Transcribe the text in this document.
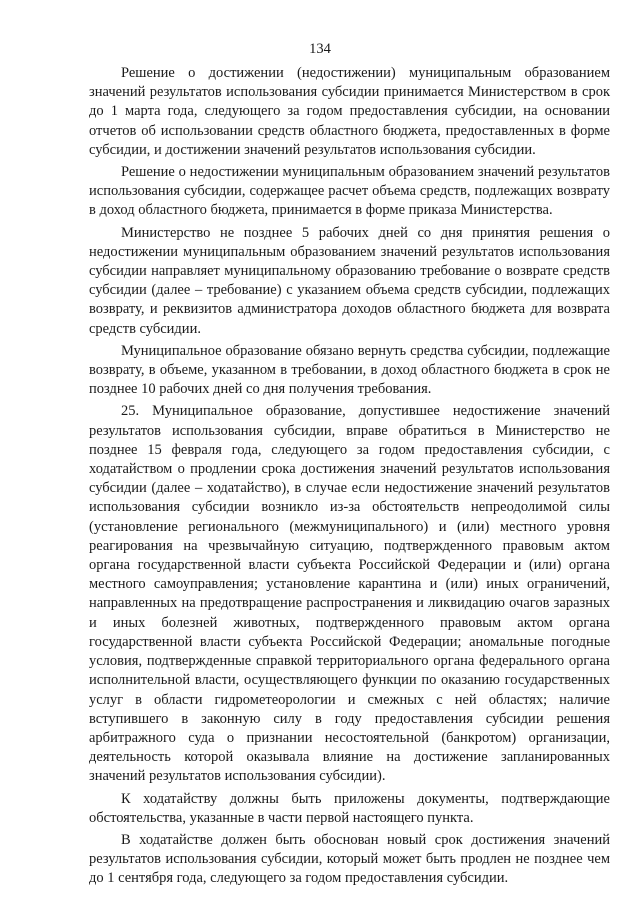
134

Решение о достижении (недостижении) муниципальным образованием значений результатов использования субсидии принимается Министерством в срок до 1 марта года, следующего за годом предоставления субсидии, на основании отчетов об использовании средств областного бюджета, предоставленных в форме субсидии, и достижении значений результатов использования субсидии.

Решение о недостижении муниципальным образованием значений результатов использования субсидии, содержащее расчет объема средств, подлежащих возврату в доход областного бюджета, принимается в форме приказа Министерства.

Министерство не позднее 5 рабочих дней со дня принятия решения о недостижении муниципальным образованием значений результатов использования субсидии направляет муниципальному образованию требование о возврате средств субсидии (далее – требование) с указанием объема средств субсидии, подлежащих возврату, и реквизитов администратора доходов областного бюджета для возврата средств субсидии.

Муниципальное образование обязано вернуть средства субсидии, подлежащие возврату, в объеме, указанном в требовании, в доход областного бюджета в срок не позднее 10 рабочих дней со дня получения требования.

25. Муниципальное образование, допустившее недостижение значений результатов использования субсидии, вправе обратиться в Министерство не позднее 15 февраля года, следующего за годом предоставления субсидии, с ходатайством о продлении срока достижения значений результатов использования субсидии (далее – ходатайство), в случае если недостижение значений результатов использования субсидии возникло из-за обстоятельств непреодолимой силы (установление регионального (межмуниципального) и (или) местного уровня реагирования на чрезвычайную ситуацию, подтвержденного правовым актом органа государственной власти субъекта Российской Федерации и (или) органа местного самоуправления; установление карантина и (или) иных ограничений, направленных на предотвращение распространения и ликвидацию очагов заразных и иных болезней животных, подтвержденного правовым актом органа государственной власти субъекта Российской Федерации; аномальные погодные условия, подтвержденные справкой территориального органа федерального органа исполнительной власти, осуществляющего функции по оказанию государственных услуг в области гидрометеорологии и смежных с ней областях; наличие вступившего в законную силу в году предоставления субсидии решения арбитражного суда о признании несостоятельной (банкротом) организации, деятельность которой оказывала влияние на достижение запланированных значений результатов использования субсидии).

К ходатайству должны быть приложены документы, подтверждающие обстоятельства, указанные в части первой настоящего пункта.

В ходатайстве должен быть обоснован новый срок достижения значений результатов использования субсидии, который может быть продлен не позднее чем до 1 сентября года, следующего за годом предоставления субсидии.
